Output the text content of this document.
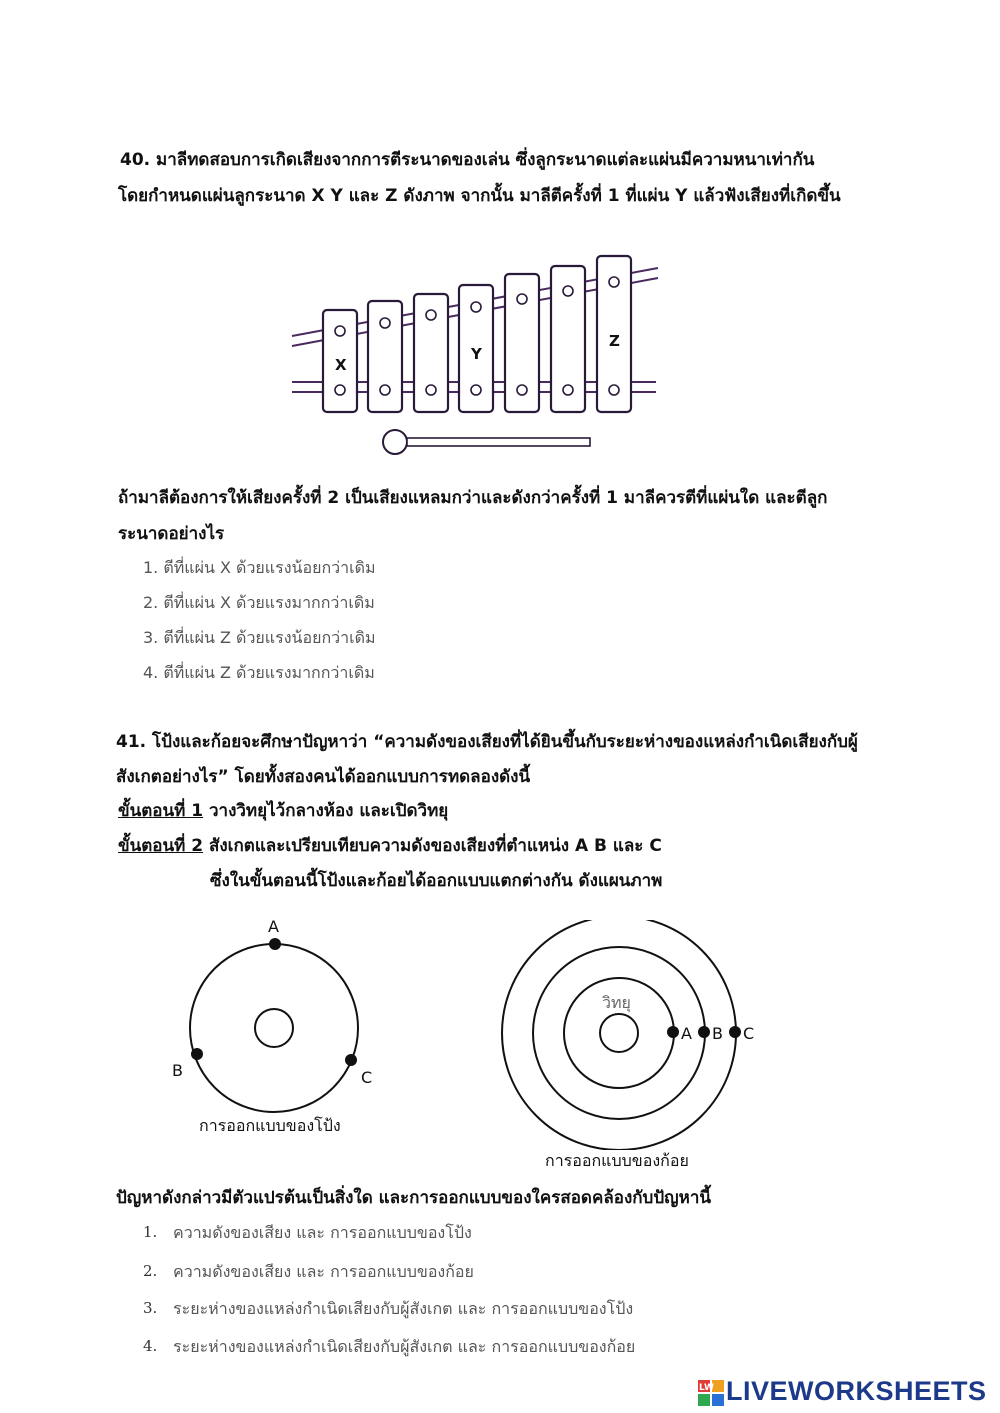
40. มาลีทดสอบการเกิดเสียงจากการตีระนาดของเล่น ซึ่งลูกระนาดแต่ละแผ่นมีความหนาเท่ากัน
โดยกำหนดแผ่นลูกระนาด X Y และ Z ดังภาพ จากนั้น มาลีตีครั้งที่ 1 ที่แผ่น Y แล้วฟังเสียงที่เกิดขึ้น
X
Y
Z
ถ้ามาลีต้องการให้เสียงครั้งที่ 2 เป็นเสียงแหลมกว่าและดังกว่าครั้งที่ 1 มาลีควรตีที่แผ่นใด และตีลูก
ระนาดอย่างไร
1. ตีที่แผ่น X ด้วยแรงน้อยกว่าเดิม
2. ตีที่แผ่น X ด้วยแรงมากกว่าเดิม
3. ตีที่แผ่น Z ด้วยแรงน้อยกว่าเดิม
4. ตีที่แผ่น Z ด้วยแรงมากกว่าเดิม
41. โป้งและก้อยจะศึกษาปัญหาว่า “ความดังของเสียงที่ได้ยินขึ้นกับระยะห่างของแหล่งกำเนิดเสียงกับผู้
สังเกตอย่างไร” โดยทั้งสองคนได้ออกแบบการทดลองดังนี้
ขั้นตอนที่ 1 วางวิทยุไว้กลางห้อง และเปิดวิทยุ
ขั้นตอนที่ 2 สังเกตและเปรียบเทียบความดังของเสียงที่ตำแหน่ง A B และ C
ซึ่งในขั้นตอนนี้โป้งและก้อยได้ออกแบบแตกต่างกัน ดังแผนภาพ
A
B	C
การออกแบบของโป้ง
วิทยุ
A B C
การออกแบบของก้อย
ปัญหาดังกล่าวมีตัวแปรต้นเป็นสิ่งใด และการออกแบบของใครสอดคล้องกับปัญหานี้
1. ความดังของเสียง และ การออกแบบของโป้ง
2. ความดังของเสียง และ การออกแบบของก้อย
3. ระยะห่างของแหล่งกำเนิดเสียงกับผู้สังเกต และ การออกแบบของโป้ง
4. ระยะห่างของแหล่งกำเนิดเสียงกับผู้สังเกต และ การออกแบบของก้อย
LW LIVEWORKSHEETS
